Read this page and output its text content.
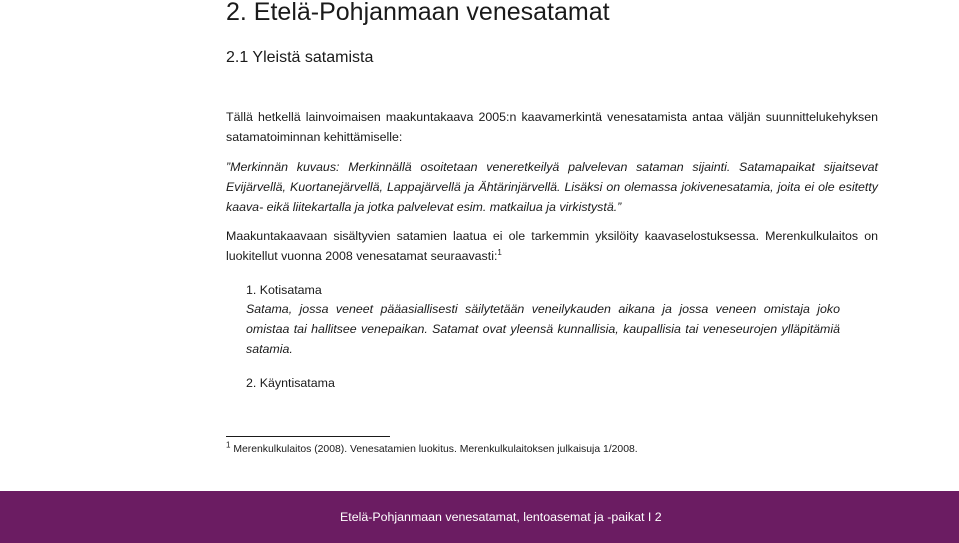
2. Etelä-Pohjanmaan venesatamat
2.1 Yleistä satamista

Tällä hetkellä lainvoimaisen maakuntakaava 2005:n kaavamerkintä venesatamista antaa väljän suunnittelukehyksen satamatoiminnan kehittämiselle:

”Merkinnän kuvaus: Merkinnällä osoitetaan veneretkeilyä palvelevan sataman sijainti. Satamapaikat sijaitsevat Evijärvellä, Kuortanejärvellä, Lappajärvellä ja Ähtärinjärvellä. Lisäksi on olemassa jokivenesatamia, joita ei ole esitetty kaava- eikä liitekartalla ja jotka palvelevat esim. matkailua ja virkistystä.”

Maakuntakaavaan sisältyvien satamien laatua ei ole tarkemmin yksilöity kaavaselostuksessa. Merenkulkulaitos on luokitellut vuonna 2008 venesatamat seuraavasti:$^1$

1. Kotisatama

Satama, jossa veneet pääasiallisesti säilytetään veneilykauden aikana ja jossa veneen omistaja joko omistaa tai hallitsee venepaikan. Satamat ovat yleensä kunnallisia, kaupallisia tai veneseurojen ylläpitämiä satamia.

2. Käyntisatama

$^1$ Merenkulkulaitos (2008). Venesatamien luokitus. Merenkulkulaitoksen julkaisuja 1/2008.

Etelä-Pohjanmaan venesatamat, lentoasemat ja -paikat I 2
